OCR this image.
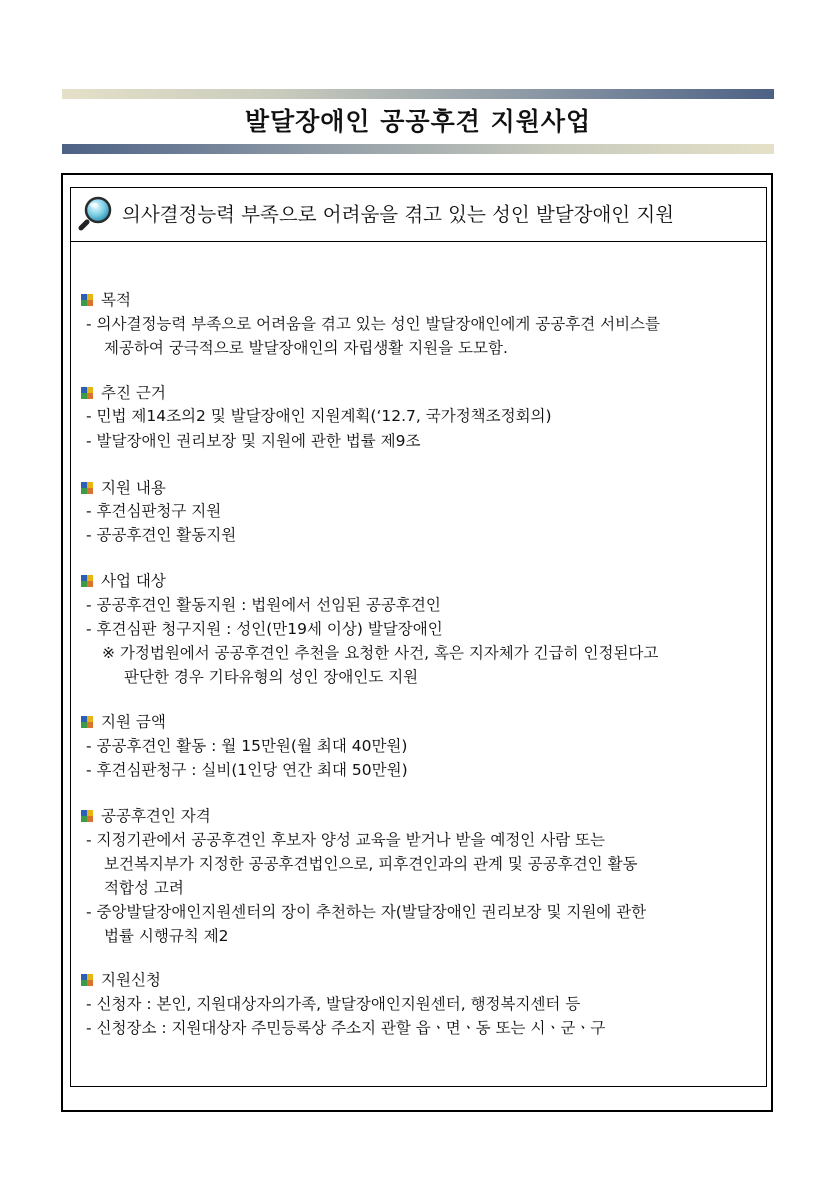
발달장애인 공공후견 지원사업
의사결정능력 부족으로 어려움을 겪고 있는 성인 발달장애인 지원
목적
- 의사결정능력 부족으로 어려움을 겪고 있는 성인 발달장애인에게 공공후견 서비스를
제공하여 궁극적으로 발달장애인의 자립생활 지원을 도모함.
추진 근거
- 민법 제14조의2 및 발달장애인 지원계획(‘12.7, 국가정책조정회의)
- 발달장애인 권리보장 및 지원에 관한 법률 제9조
지원 내용
- 후견심판청구 지원
- 공공후견인 활동지원
사업 대상
- 공공후견인 활동지원 : 법원에서 선임된 공공후견인
- 후견심판 청구지원 : 성인(만19세 이상) 발달장애인
※ 가정법원에서 공공후견인 추천을 요청한 사건, 혹은 지자체가 긴급히 인정된다고
판단한 경우 기타유형의 성인 장애인도 지원
지원 금액
- 공공후견인 활동 : 월 15만원(월 최대 40만원)
- 후견심판청구 : 실비(1인당 연간 최대 50만원)
공공후견인 자격
- 지정기관에서 공공후견인 후보자 양성 교육을 받거나 받을 예정인 사람 또는
보건복지부가 지정한 공공후견법인으로, 피후견인과의 관계 및 공공후견인 활동
적합성 고려
- 중앙발달장애인지원센터의 장이 추천하는 자(발달장애인 권리보장 및 지원에 관한
법률 시행규칙 제2
지원신청
- 신청자 : 본인, 지원대상자의가족, 발달장애인지원센터, 행정복지센터 등
- 신청장소 : 지원대상자 주민등록상 주소지 관할 읍ㆍ면ㆍ동 또는 시ㆍ군ㆍ구
